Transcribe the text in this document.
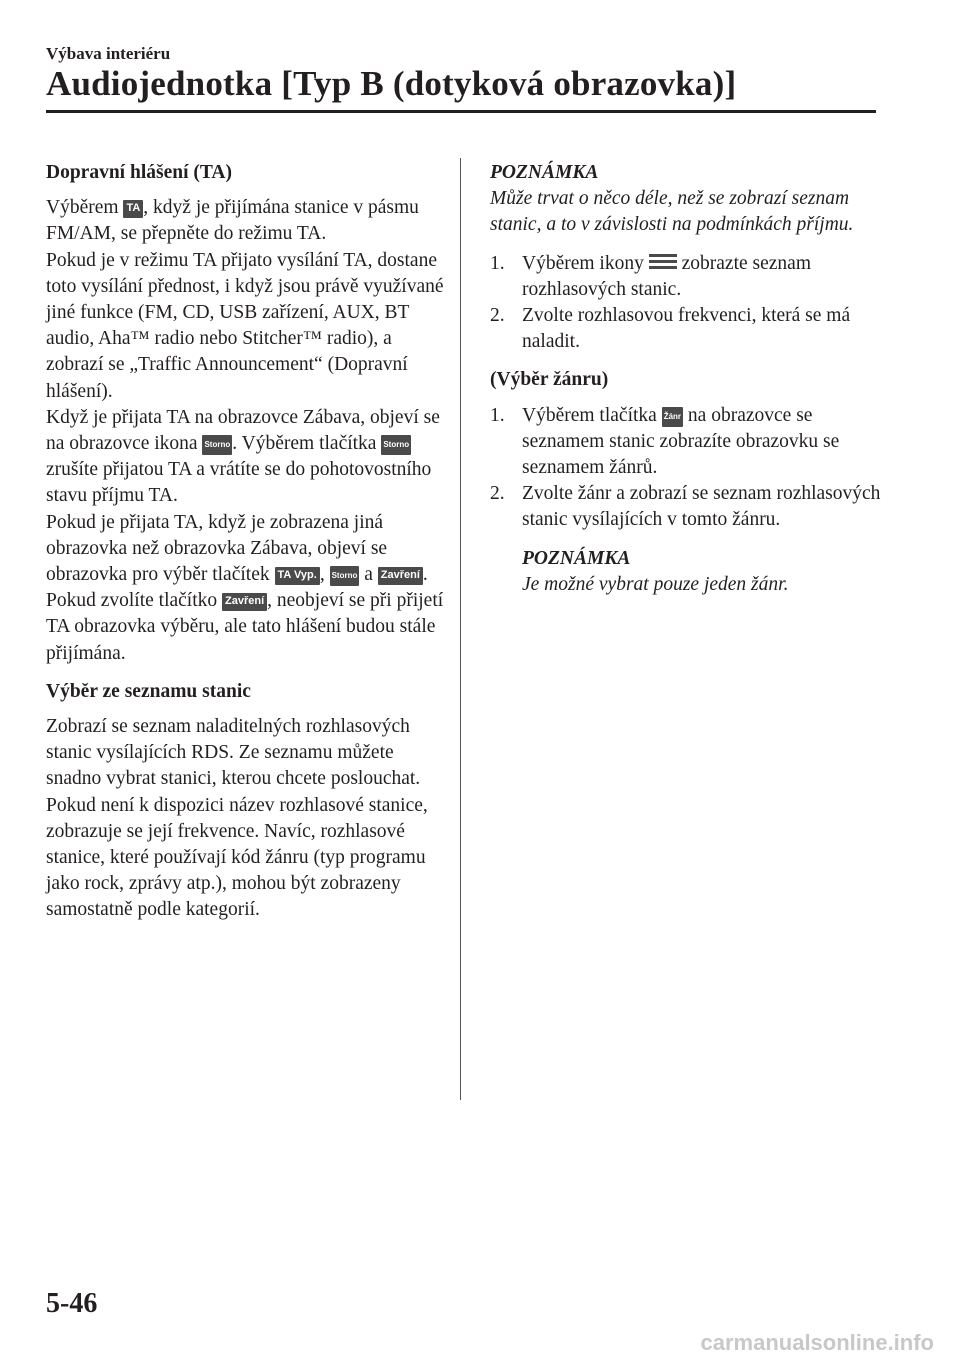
Výbava interiéru
Audiojednotka [Typ B (dotyková obrazovka)]

Dopravní hlášení (TA)

Výběrem TA , když je přijímána stanice v pásmu FM/AM, se přepněte do režimu TA.

Pokud je v režimu TA přijato vysílání TA, dostane toto vysílání přednost, i když jsou právě využívané jiné funkce (FM, CD, USB zařízení, AUX, BT audio, Aha™ radio nebo Stitcher™ radio), a zobrazí se „Traffic Announcement“ (Dopravní hlášení).

Když je přijata TA na obrazovce Zábava, objeví se na obrazovce ikona Storno . Výběrem tlačítka Storno zrušíte přijatou TA a vrátíte se do pohotovostního stavu příjmu TA.

Pokud je přijata TA, když je zobrazena jiná obrazovka než obrazovka Zábava, objeví se obrazovka pro výběr tlačítek TA Vyp. , Storno a Zavření . Pokud zvolíte tlačítko Zavření , neobjeví se při přijetí TA obrazovka výběru, ale tato hlášení budou stále přijímána.

Výběr ze seznamu stanic

Zobrazí se seznam naladitelných rozhlasových stanic vysílajících RDS. Ze seznamu můžete snadno vybrat stanici, kterou chcete poslouchat. Pokud není k dispozici název rozhlasové stanice, zobrazuje se její frekvence. Navíc, rozhlasové stanice, které používají kód žánru (typ programu jako rock, zprávy atp.), mohou být zobrazeny samostatně podle kategorií.

POZNÁMKA

Může trvat o něco déle, než se zobrazí seznam stanic, a to v závislosti na podmínkách příjmu.

1. Výběrem ikony
zobrazte seznam rozhlasových stanic.
2. Zvolte rozhlasovou frekvenci, která se má naladit.

(Výběr žánru)

1. Výběrem tlačítka Žánr na obrazovce se seznamem stanic zobrazíte obrazovku se seznamem žánrů.
2. Zvolte žánr a zobrazí se seznam rozhlasových stanic vysílajících v tomto žánru.

POZNÁMKA

Je možné vybrat pouze jeden žánr.

5-46
carmanualsonline.info
